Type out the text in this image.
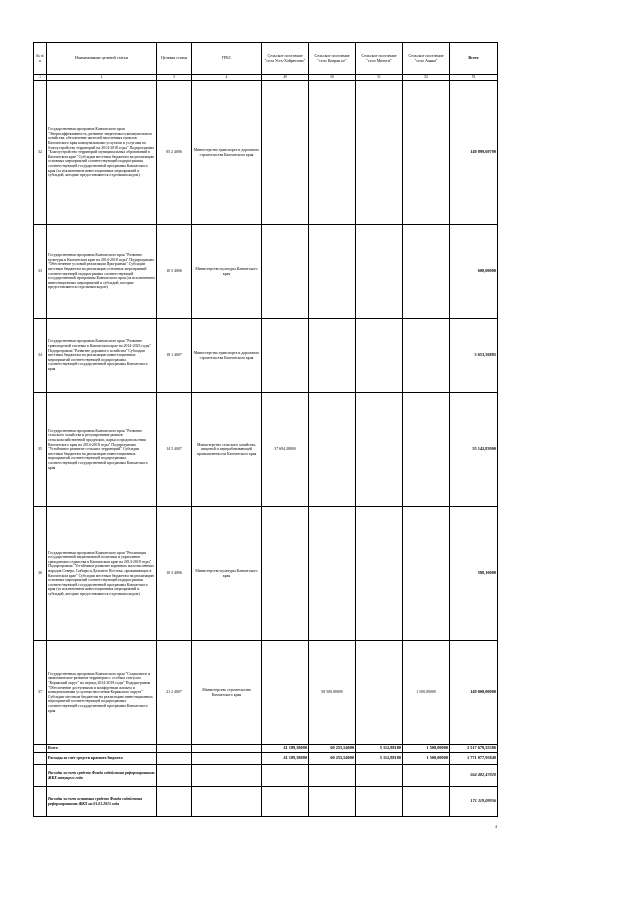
№ п/п	Наименование целевой статьи	Целевая статья	ГРБС	Сельское поселение "села Усть-Хайрюзово"	Сельское поселение "село Ковран ье"	Сельское поселение "село Митоги"	Сельское поселение "село Аянка"	Всего
1	2	3	4	49	50	51	52	53
32	Государственная программа Камчатского края "Энергоэффективность, развитие энергетики и коммунального хозяйства, обеспечение жителей населенных пунктов Камчатского края коммунальными услугами и услугами по благоустройству территорий на 2014-2018 годы" Подпрограмма "Благоустройство территорий муниципальных образований в Камчатском крае" Субсидии местным бюджетам на реализацию основных мероприятий соответствующей подпрограммы соответствующей государственной программы Камчатского края (за исключением инвестиционных мероприятий и субсидий, которые предоставляются отдельным кодом)	05 2 4006	Министерство транспорта и дорожного строительства Камчатского края					148 899,69790
33	Государственная программа Камчатского края "Развитие культуры в Камчатском крае на 2014-2018 годы" Подпрограмма "Обеспечение условий реализации Программы" Субсидии местным бюджетам на реализацию основных мероприятий соответствующей подпрограммы соответствующей государственной программы Камчатского края (за исключением инвестиционных мероприятий и субсидий, которые предоставляются отдельным кодом)	10 5 4006	Министерство культуры Камчатского края					600,00000
34	Государственная программа Камчатского края "Развитие транспортной системы в Камчатском крае на 2014-2025 годы" Подпрограмма "Развитие дорожного хозяйства" Субсидии местным бюджетам на реализацию инвестиционных мероприятий соответствующей подпрограммы соответствующей государственной программы Камчатского края	18 1 4007	Министерство транспорта и дорожного строительства Камчатского края					5 653,56885
35	Государственная программа Камчатского края "Развитие сельского хозяйства и регулирование рынков сельскохозяйственной продукции, сырья и продовольствия Камчатского края на 2014-2018 годы" Подпрограмма "Устойчивое развитие сельских территорий" Субсидии местным бюджетам на реализацию инвестиционных мероприятий соответствующей подпрограммы соответствующей государственной программы Камчатского края	14 5 4007	Министерство сельского хозяйства, пищевой и перерабатывающей промышленности Камчатского края	37 694,38000				55 142,83900
36	Государственная программа Камчатского края "Реализация государственной национальной политики и укрепление гражданского единства в Камчатском крае на 2014-2018 годы" Подпрограмма "Устойчивое развитие коренных малочисленных народов Севера, Сибири и Дальнего Востока, проживающих в Камчатском крае" Субсидии местным бюджетам на реализацию основных мероприятий соответствующей подпрограммы соответствующей государственной программы Камчатского края (за исключением инвестиционных мероприятий и субсидий, которые предоставляются отдельным кодом)	10 3 4006	Министерство культуры Камчатского края					588,10000
37	Государственная программа Камчатского края "Социальное и экономическое развитие территории с особым статусом "Корякский округ" на период 2014-2018 годы" Подпрограмма "Обеспечение доступными и комфортным жильем и коммунальными услугами населения Корякского округа" Субсидии местным бюджетам на реализацию инвестиционных мероприятий соответствующей подпрограммы соответствующей государственной программы Камчатского края	21 2 4007	Министерство строительства Камчатского края		58 500,00000		1 500,00000	149 000,00000
	Всего			41 189,38000	60 255,54000	5 112,88180	1 500,00000	2 517 679,55586
	Расходы за счет средств краевого бюджета			41 189,38000	60 255,54000	5 112,88180	1 500,00000	1 771 077,95840
	Расходы за счет средств Фонда содействия реформированию ЖКХ текущего года							564 482,47820
	Расходы за счет остатков средств Фонда содействия реформированию ЖКХ на 01.01.2015 года							171 119,09956
4
